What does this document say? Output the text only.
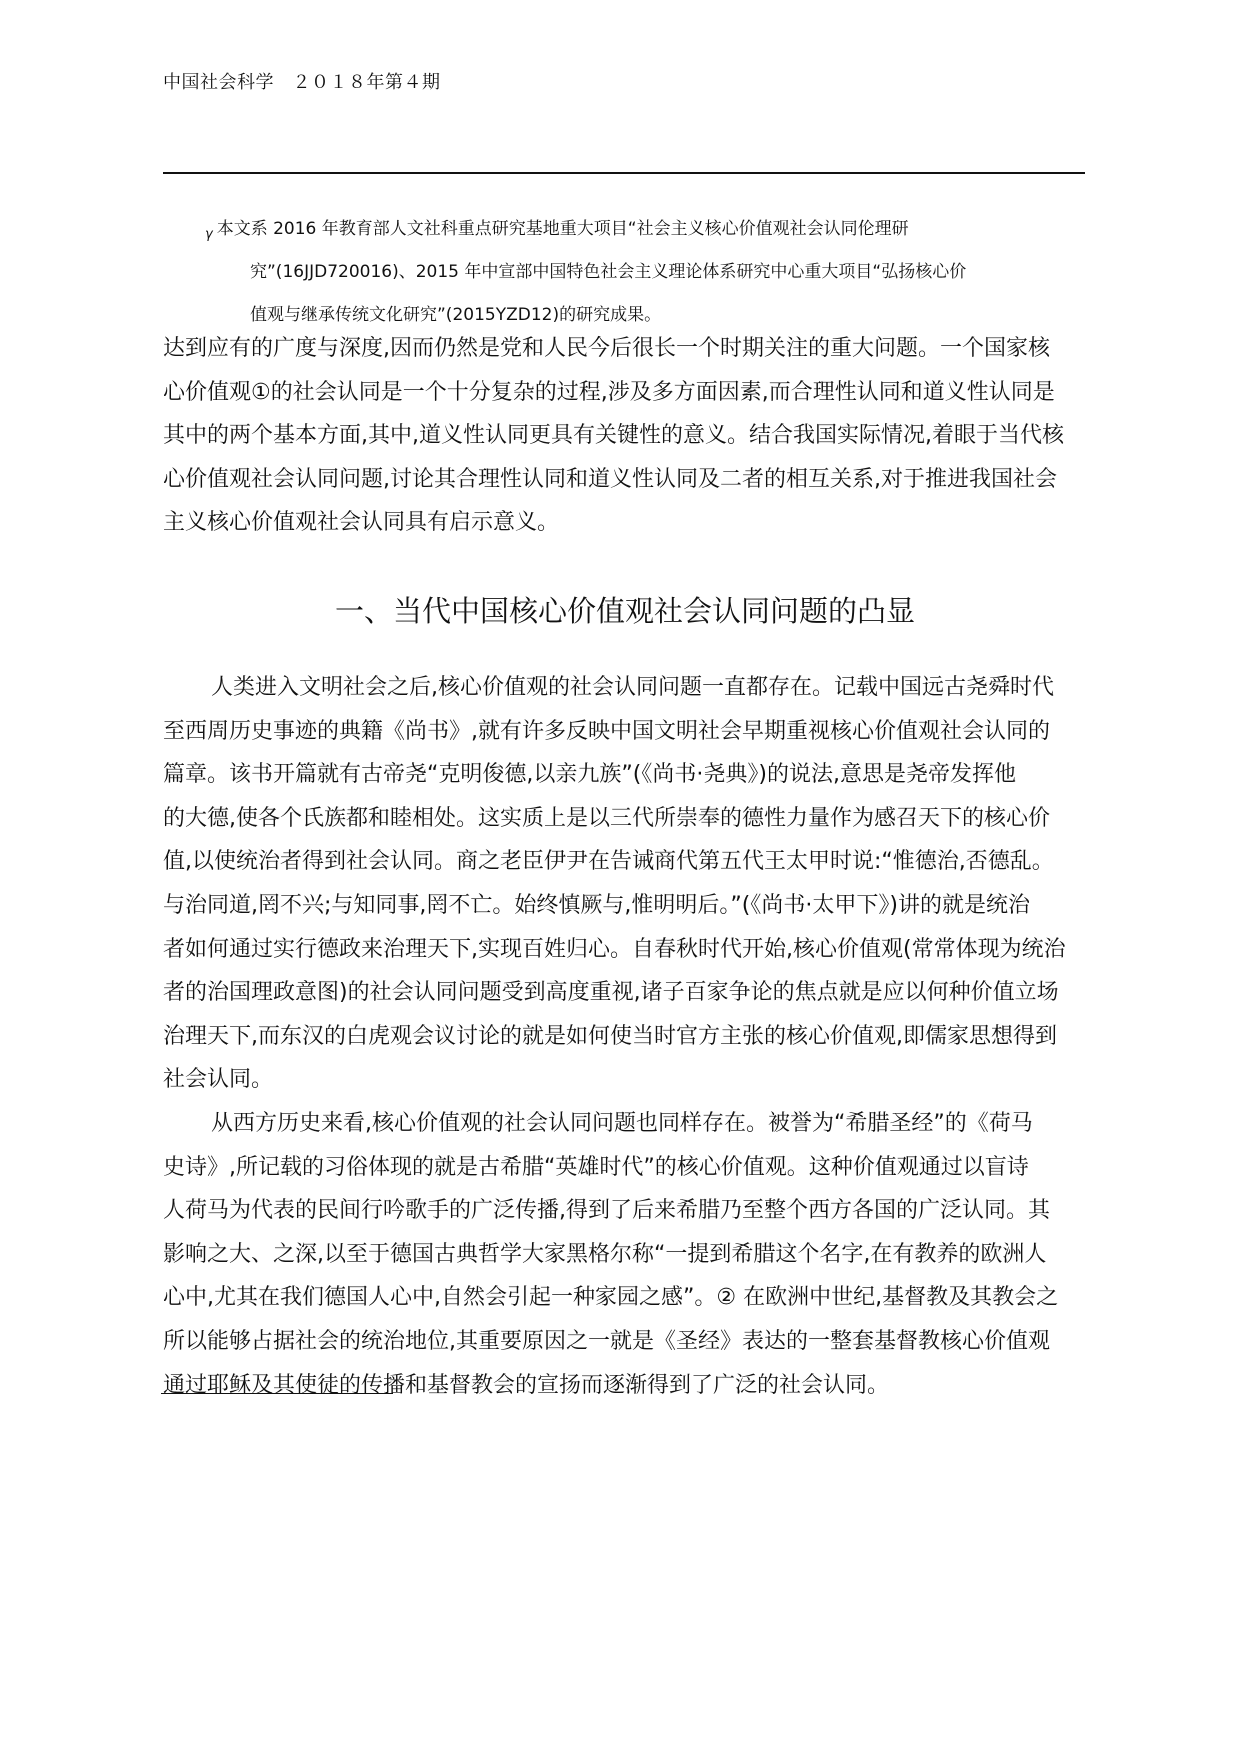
中国社会科学　２０１８年第４期
$_\gamma$ 本文系 2016 年教育部人文社科重点研究基地重大项目“社会主义核心价值观社会认同伦理研
究”(16JJD720016)、2015 年中宣部中国特色社会主义理论体系研究中心重大项目“弘扬核心价
值观与继承传统文化研究”(2015YZD12)的研究成果。
达到应有的广度与深度,因而仍然是党和人民今后很长一个时期关注的重大问题。一个国家核
心价值观①的社会认同是一个十分复杂的过程,涉及多方面因素,而合理性认同和道义性认同是
其中的两个基本方面,其中,道义性认同更具有关键性的意义。结合我国实际情况,着眼于当代核
心价值观社会认同问题,讨论其合理性认同和道义性认同及二者的相互关系,对于推进我国社会
主义核心价值观社会认同具有启示意义。
一、当代中国核心价值观社会认同问题的凸显
人类进入文明社会之后,核心价值观的社会认同问题一直都存在。记载中国远古尧舜时代
至西周历史事迹的典籍《尚书》,就有许多反映中国文明社会早期重视核心价值观社会认同的
篇章。该书开篇就有古帝尧“克明俊德,以亲九族”(《尚书·尧典》)的说法,意思是尧帝发挥他
的大德,使各个氏族都和睦相处。这实质上是以三代所崇奉的德性力量作为感召天下的核心价
值,以使统治者得到社会认同。商之老臣伊尹在告诫商代第五代王太甲时说:“惟德治,否德乱。
与治同道,罔不兴;与知同事,罔不亡。始终慎厥与,惟明明后。”(《尚书·太甲下》)讲的就是统治
者如何通过实行德政来治理天下,实现百姓归心。自春秋时代开始,核心价值观(常常体现为统治
者的治国理政意图)的社会认同问题受到高度重视,诸子百家争论的焦点就是应以何种价值立场
治理天下,而东汉的白虎观会议讨论的就是如何使当时官方主张的核心价值观,即儒家思想得到
社会认同。
从西方历史来看,核心价值观的社会认同问题也同样存在。被誉为“希腊圣经”的《荷马
史诗》,所记载的习俗体现的就是古希腊“英雄时代”的核心价值观。这种价值观通过以盲诗
人荷马为代表的民间行吟歌手的广泛传播,得到了后来希腊乃至整个西方各国的广泛认同。其
影响之大、之深,以至于德国古典哲学大家黑格尔称“一提到希腊这个名字,在有教养的欧洲人
心中,尤其在我们德国人心中,自然会引起一种家园之感”。② 在欧洲中世纪,基督教及其教会之
所以能够占据社会的统治地位,其重要原因之一就是《圣经》表达的一整套基督教核心价值观
通过耶稣及其使徒的传播和基督教会的宣扬而逐渐得到了广泛的社会认同。
